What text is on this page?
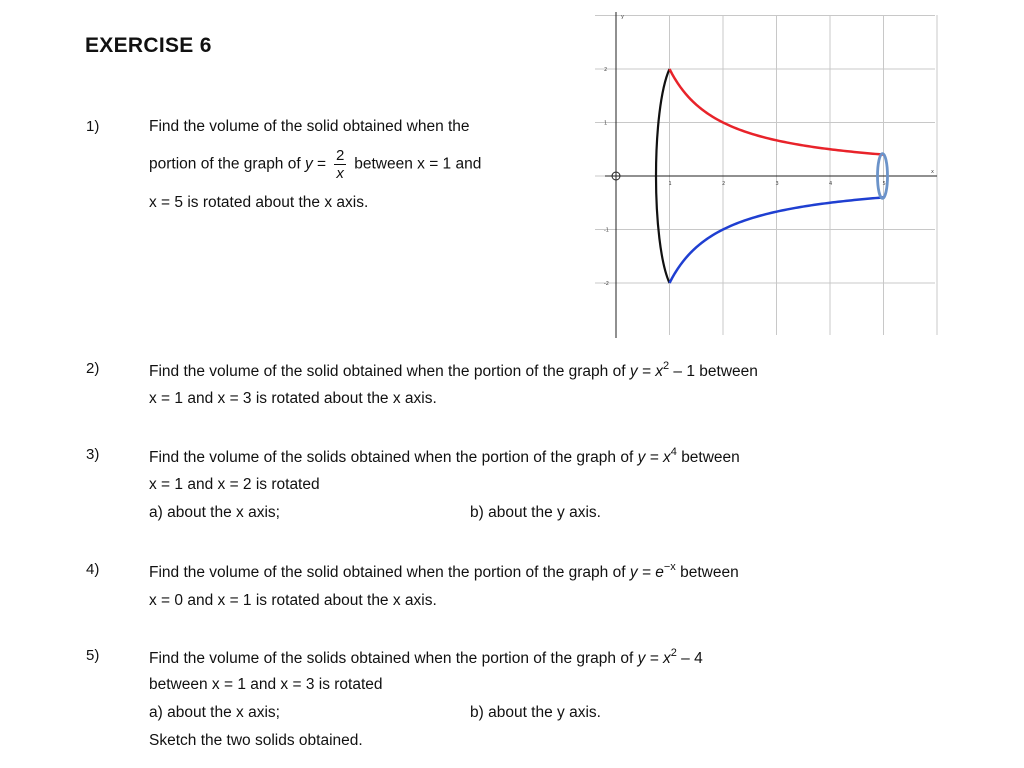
EXERCISE 6
1)	Find the volume of the solid obtained when the
portion of the graph of $y = \frac{2}{x}$ between x = 1 and
x = 5 is rotated about the x axis.
2)	Find the volume of the solid obtained when the portion of the graph of $y = x^2 - 1$ between
x = 1 and x = 3 is rotated about the x axis.
3)	Find the volume of the solids obtained when the portion of the graph of $y = x^4$ between
x = 1 and x = 2 is rotated
a) about the x axis;	b) about the y axis.
4)	Find the volume of the solid obtained when the portion of the graph of $y = e^{-x}$ between
x = 0 and x = 1 is rotated about the x axis.
5)	Find the volume of the solids obtained when the portion of the graph of $y = x^2 - 4$
between x = 1 and x = 3 is rotated
a) about the x axis;	b) about the y axis.
Sketch the two solids obtained.
y
x
1	2	3	4	5
2
1
-1
-2
